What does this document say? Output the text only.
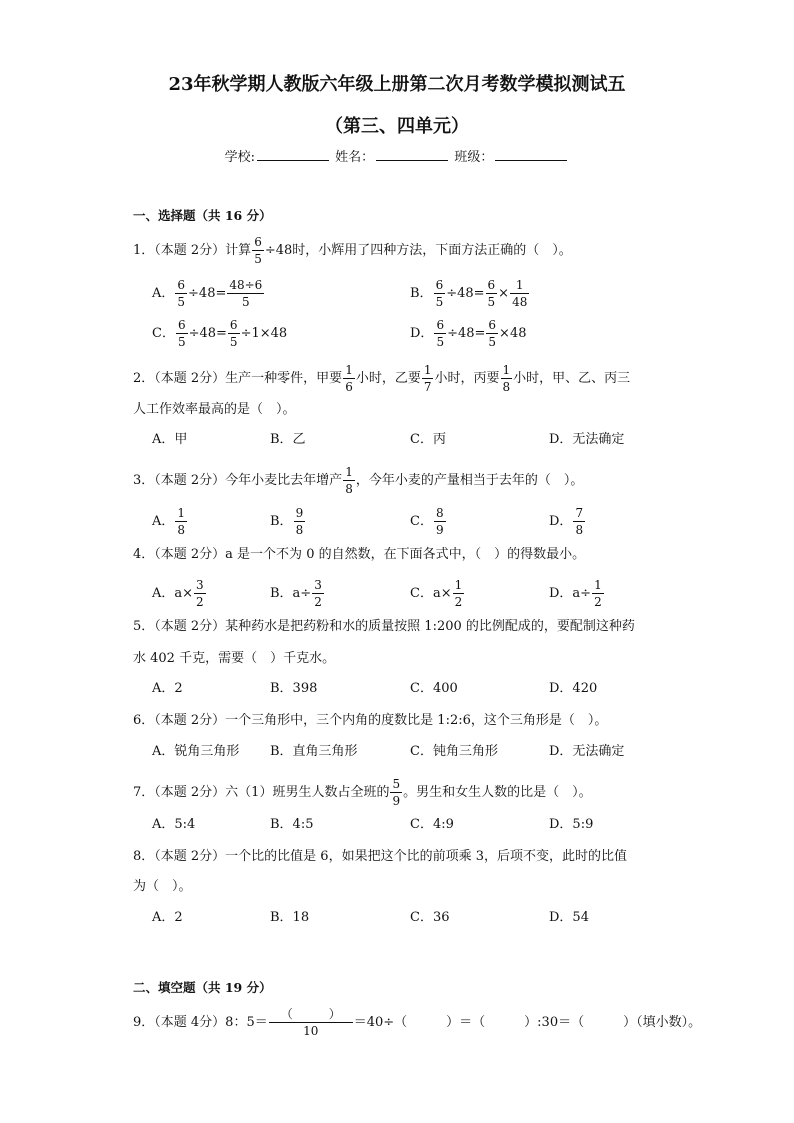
23年秋学期人教版六年级上册第二次月考数学模拟测试五
（第三、四单元）
学校:	姓名：	班级：
一、选择题（共 16 分）
1．（本题 2分）计算 $\frac{6}{5} \div 48$时，小辉用了四种方法，下面方法正确的（　）。
A． $\frac{6}{5} \div 48= \frac{48\div 6}{5}$	B． $\frac{6}{5} \div 48= \frac{6}{5} \times \frac{1}{48}$
C． $\frac{6}{5} \div 48= \frac{6}{5} \div 1\times 48$	D． $\frac{6}{5} \div 48= \frac{6}{5} \times 48$
2．（本题 2分）生产一种零件，甲要 $\frac{1}{6}$ 小时，乙要 $\frac{1}{7}$ 小时，丙要 $\frac{1}{8}$ 小时，甲、乙、丙三
人工作效率最高的是（　）。
A．甲	B．乙	C．丙	D．无法确定
3．（本题 2分）今年小麦比去年增产 $\frac{1}{8}$ ，今年小麦的产量相当于去年的（　）。
A． $\frac{1}{8}$	B． $\frac{9}{8}$	C． $\frac{8}{9}$	D． $\frac{7}{8}$
4．（本题 2分）a 是一个不为 0 的自然数，在下面各式中，（　）的得数最小。
A．$a\times \frac{3}{2}$	B．$a\div \frac{3}{2}$	C．$a\times \frac{1}{2}$	D．$a\div \frac{1}{2}$
5．（本题 2分）某种药水是把药粉和水的质量按照 1:200 的比例配成的，要配制这种药
水 402 千克，需要（　）千克水。
A．2	B．398	C．400	D．420
6．（本题 2分）一个三角形中，三个内角的度数比是 1:2:6，这个三角形是（　）。
A．锐角三角形 B．直角三角形	C．钝角三角形	D．无法确定
7．（本题 2分）六（1）班男生人数占全班的 $\frac{5}{9}$ 。男生和女生人数的比是（　）。
A．5:4	B．4:5	C．4:9	D．5:9
8．（本题 2分）一个比的比值是 6，如果把这个比的前项乘 3，后项不变，此时的比值
为（　）。
A．2	B．18	C．36	D．54
二、填空题（共 19 分）
9．（本题 4分）8：$5= \frac{( )}{10} =40\div$（　　　）＝（　　　）:30＝（　　　）（填小数）。
